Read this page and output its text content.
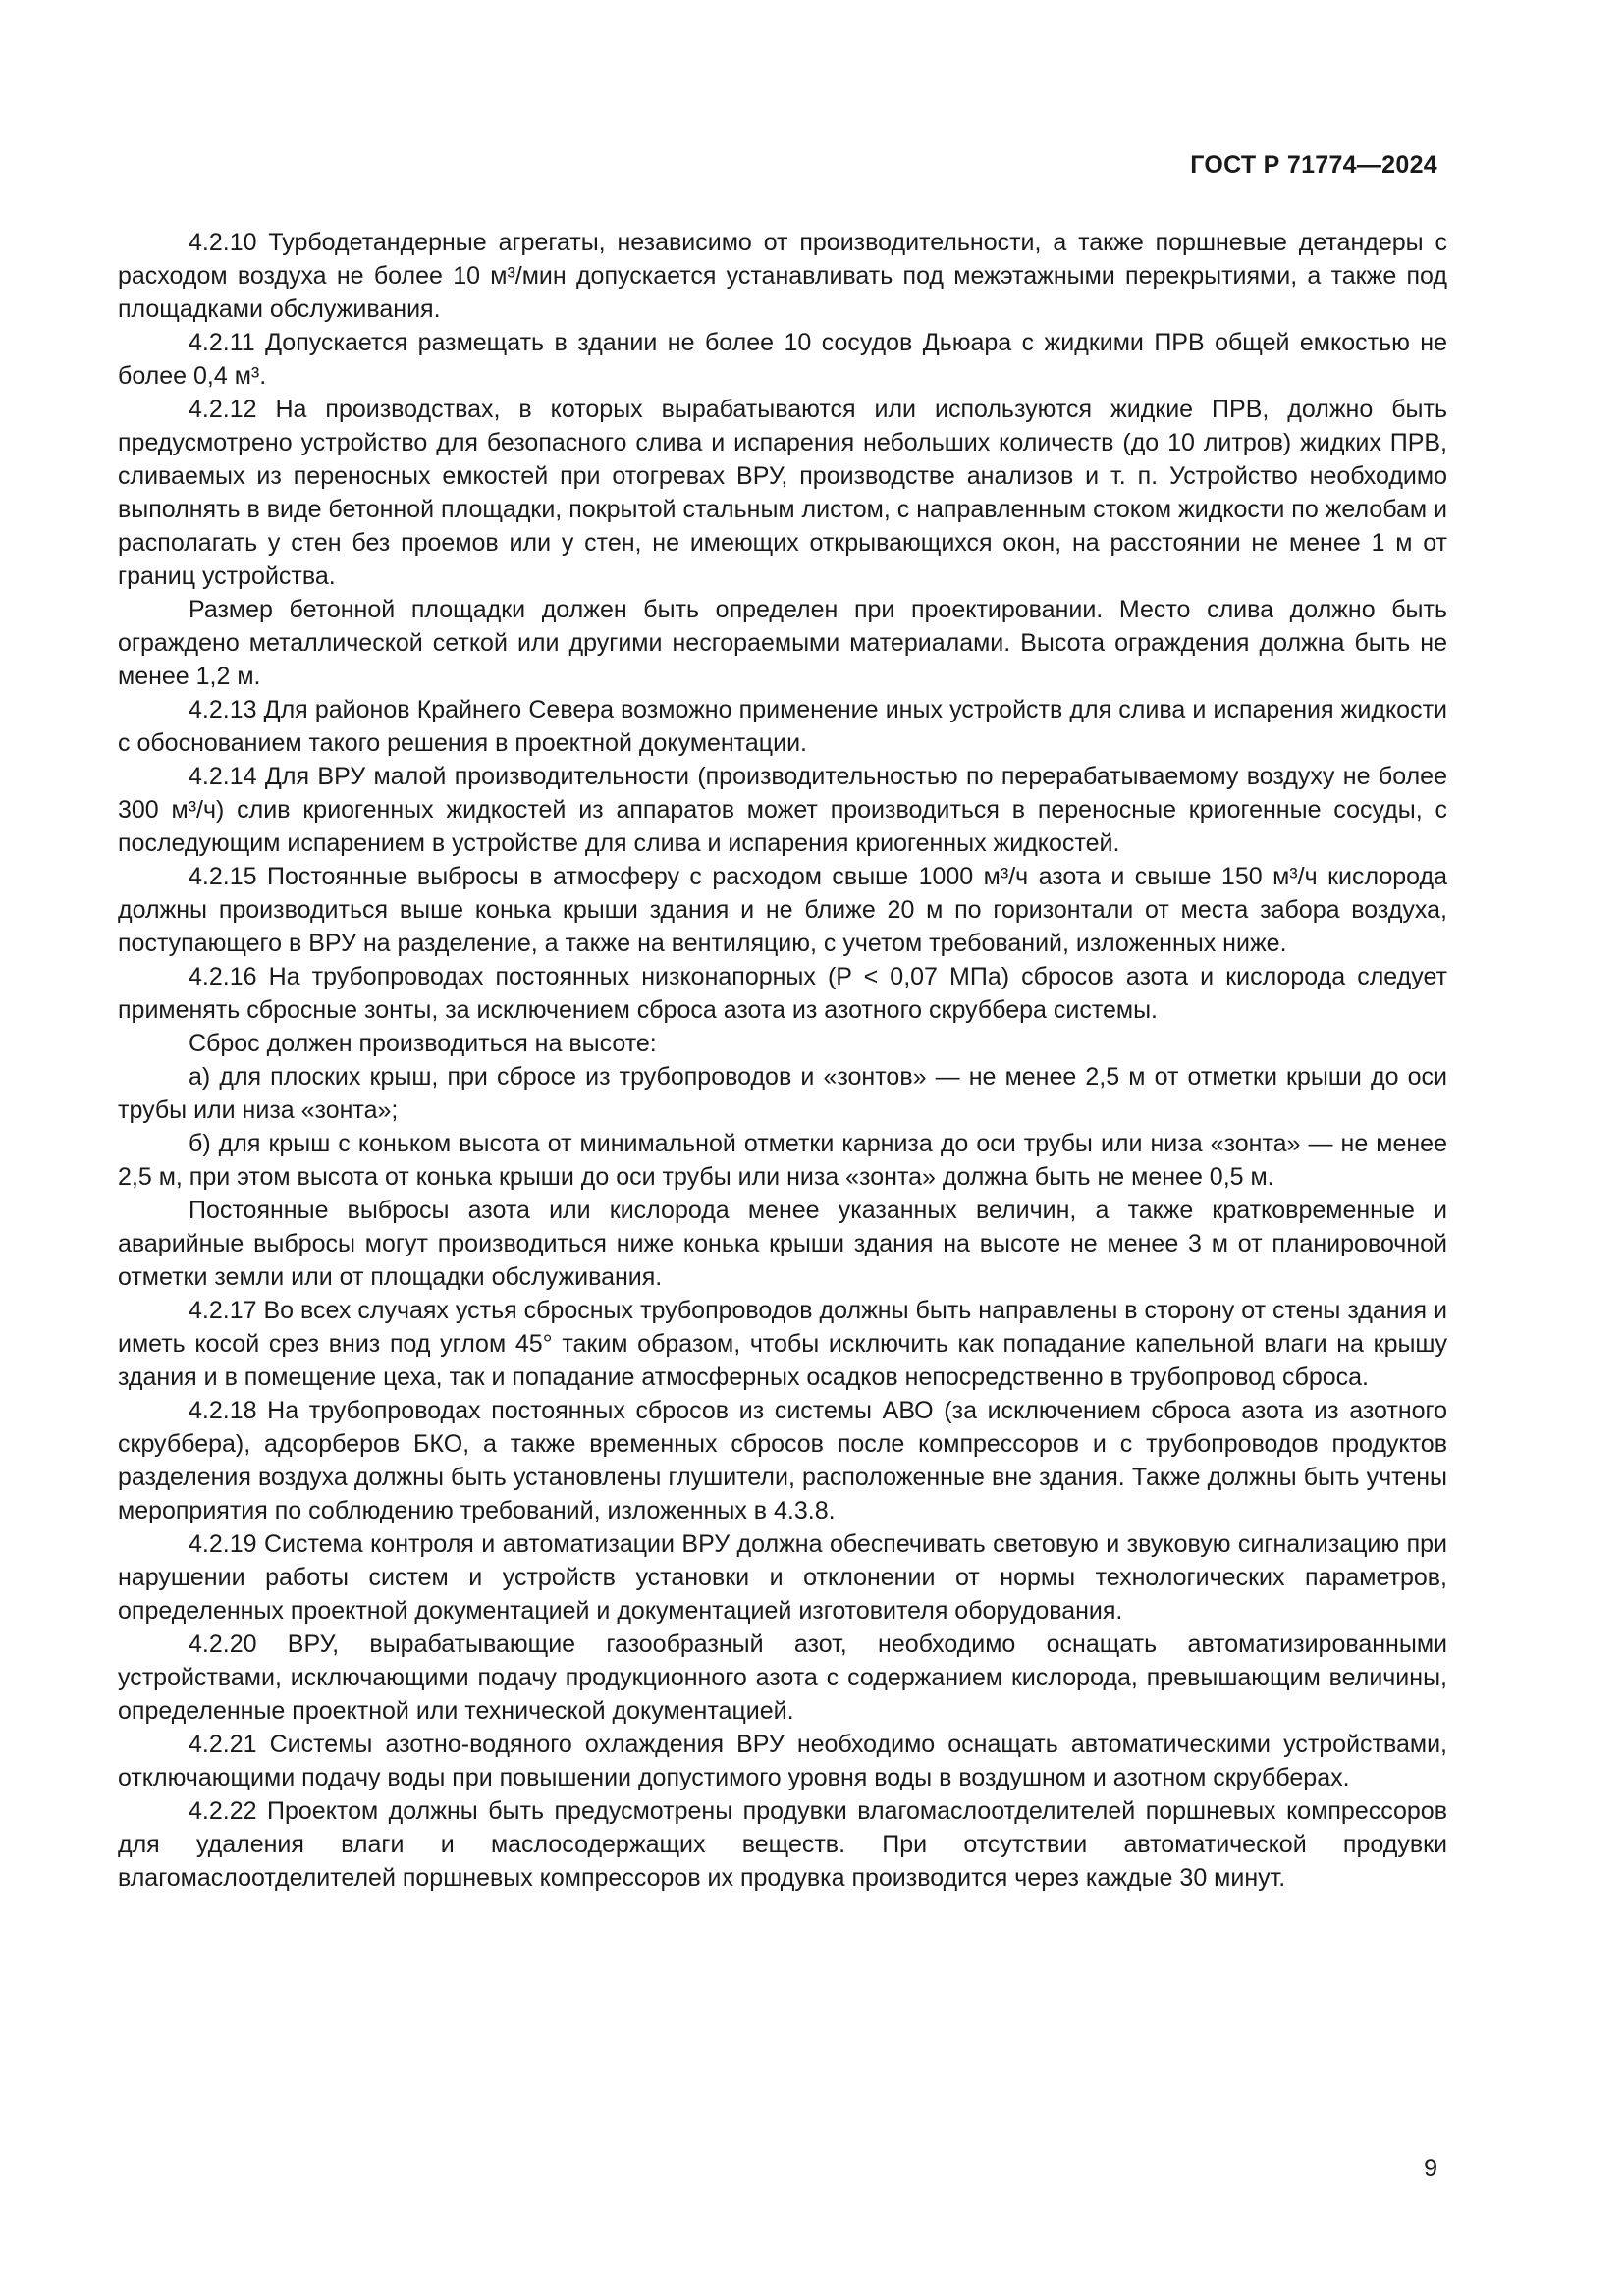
ГОСТ Р 71774—2024

4.2.10 Турбодетандерные агрегаты, независимо от производительности, а также поршневые детандеры с расходом воздуха не более 10 м³/мин допускается устанавливать под межэтажными перекрытиями, а также под площадками обслуживания.

4.2.11 Допускается размещать в здании не более 10 сосудов Дьюара с жидкими ПРВ общей емкостью не более 0,4 м³.

4.2.12 На производствах, в которых вырабатываются или используются жидкие ПРВ, должно быть предусмотрено устройство для безопасного слива и испарения небольших количеств (до 10 литров) жидких ПРВ, сливаемых из переносных емкостей при отогревах ВРУ, производстве анализов и т. п. Устройство необходимо выполнять в виде бетонной площадки, покрытой стальным листом, с направленным стоком жидкости по желобам и располагать у стен без проемов или у стен, не имеющих открывающихся окон, на расстоянии не менее 1 м от границ устройства.

Размер бетонной площадки должен быть определен при проектировании. Место слива должно быть ограждено металлической сеткой или другими несгораемыми материалами. Высота ограждения должна быть не менее 1,2 м.

4.2.13 Для районов Крайнего Севера возможно применение иных устройств для слива и испарения жидкости с обоснованием такого решения в проектной документации.

4.2.14 Для ВРУ малой производительности (производительностью по перерабатываемому воздуху не более 300 м³/ч) слив криогенных жидкостей из аппаратов может производиться в переносные криогенные сосуды, с последующим испарением в устройстве для слива и испарения криогенных жидкостей.

4.2.15 Постоянные выбросы в атмосферу с расходом свыше 1000 м³/ч азота и свыше 150 м³/ч кислорода должны производиться выше конька крыши здания и не ближе 20 м по горизонтали от места забора воздуха, поступающего в ВРУ на разделение, а также на вентиляцию, с учетом требований, изложенных ниже.

4.2.16 На трубопроводах постоянных низконапорных (P < 0,07 МПа) сбросов азота и кислорода следует применять сбросные зонты, за исключением сброса азота из азотного скруббера системы.

Сброс должен производиться на высоте:

а) для плоских крыш, при сбросе из трубопроводов и «зонтов» — не менее 2,5 м от отметки крыши до оси трубы или низа «зонта»;

б) для крыш с коньком высота от минимальной отметки карниза до оси трубы или низа «зонта» — не менее 2,5 м, при этом высота от конька крыши до оси трубы или низа «зонта» должна быть не менее 0,5 м.

Постоянные выбросы азота или кислорода менее указанных величин, а также кратковременные и аварийные выбросы могут производиться ниже конька крыши здания на высоте не менее 3 м от планировочной отметки земли или от площадки обслуживания.

4.2.17 Во всех случаях устья сбросных трубопроводов должны быть направлены в сторону от стены здания и иметь косой срез вниз под углом 45° таким образом, чтобы исключить как попадание капельной влаги на крышу здания и в помещение цеха, так и попадание атмосферных осадков непосредственно в трубопровод сброса.

4.2.18 На трубопроводах постоянных сбросов из системы АВО (за исключением сброса азота из азотного скруббера), адсорберов БКО, а также временных сбросов после компрессоров и с трубопроводов продуктов разделения воздуха должны быть установлены глушители, расположенные вне здания. Также должны быть учтены мероприятия по соблюдению требований, изложенных в 4.3.8.

4.2.19 Система контроля и автоматизации ВРУ должна обеспечивать световую и звуковую сигнализацию при нарушении работы систем и устройств установки и отклонении от нормы технологических параметров, определенных проектной документацией и документацией изготовителя оборудования.

4.2.20 ВРУ, вырабатывающие газообразный азот, необходимо оснащать автоматизированными устройствами, исключающими подачу продукционного азота с содержанием кислорода, превышающим величины, определенные проектной или технической документацией.

4.2.21 Системы азотно-водяного охлаждения ВРУ необходимо оснащать автоматическими устройствами, отключающими подачу воды при повышении допустимого уровня воды в воздушном и азотном скрубберах.

4.2.22 Проектом должны быть предусмотрены продувки влагомаслоотделителей поршневых компрессоров для удаления влаги и маслосодержащих веществ. При отсутствии автоматической продувки влагомаслоотделителей поршневых компрессоров их продувка производится через каждые 30 минут.

9
